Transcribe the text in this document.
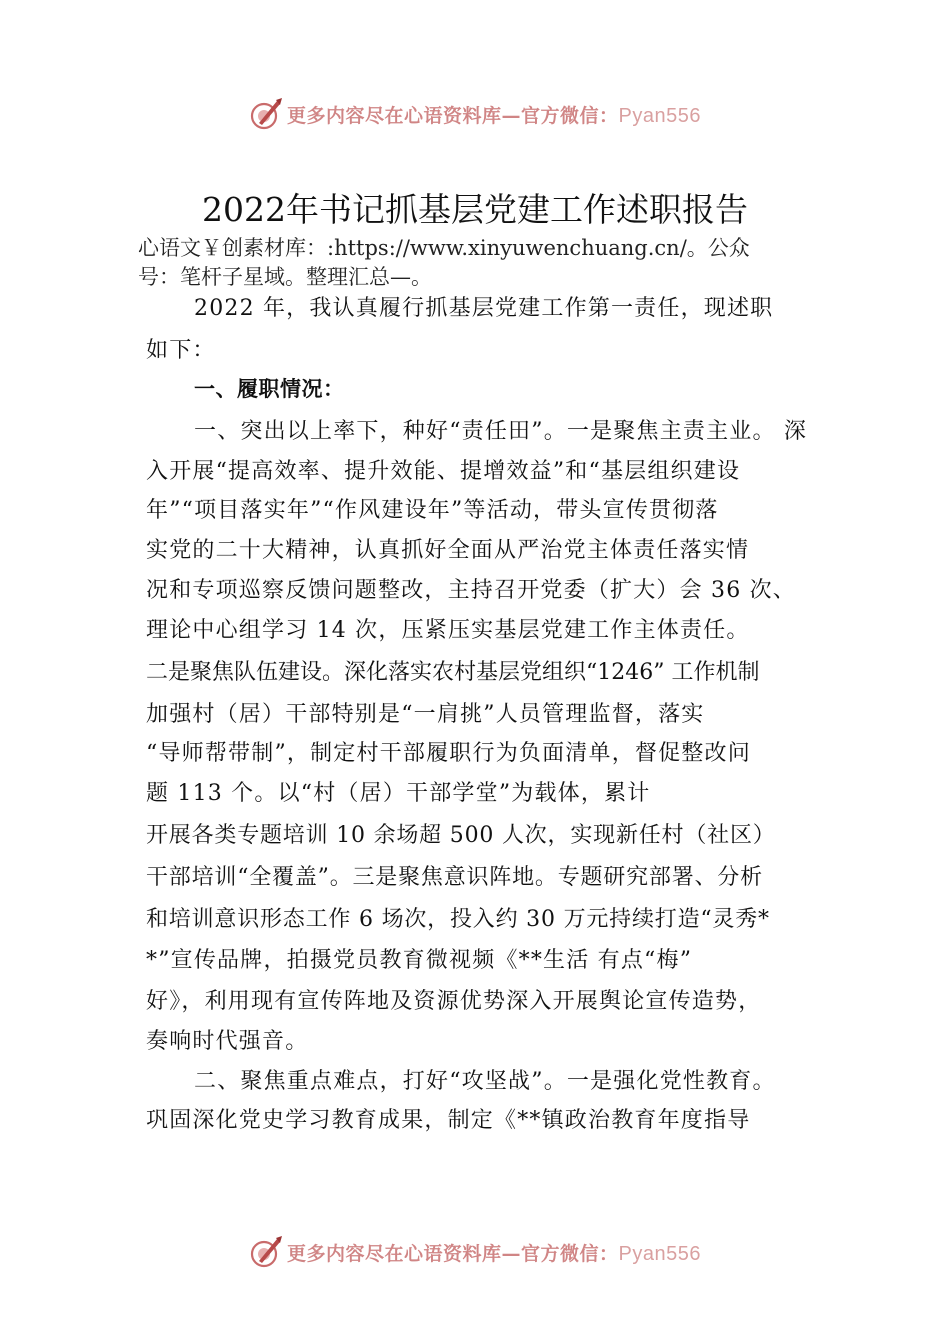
更多内容尽在心语资料库—官方微信：Pyan556
2022年书记抓基层党建工作述职报告
心语文￥创素材库：:https://www.xinyuwenchuang.cn/。公众
号：笔杆子星域。整理汇总—。
2022 年，我认真履行抓基层党建工作第一责任，现述职
如下：
一、履职情况：
一、突出以上率下，种好“责任田”。一是聚焦主责主业。 深
入开展“提高效率、提升效能、提增效益”和“基层组织建设
年”“项目落实年”“作风建设年”等活动，带头宣传贯彻落
实党的二十大精神，认真抓好全面从严治党主体责任落实情
况和专项巡察反馈问题整改，主持召开党委（扩大）会 36 次、
理论中心组学习 14 次，压紧压实基层党建工作主体责任。
二是聚焦队伍建设。深化落实农村基层党组织“1246” 工作机制
加强村（居）干部特别是“一肩挑”人员管理监督，落实
“导师帮带制”，制定村干部履职行为负面清单，督促整改问
题 113 个。以“村（居）干部学堂”为载体，累计
开展各类专题培训 10 余场超 500 人次，实现新任村（社区）
干部培训“全覆盖”。三是聚焦意识阵地。专题研究部署、分析
和培训意识形态工作 6 场次，投入约 30 万元持续打造“灵秀*
*”宣传品牌，拍摄党员教育微视频《**生活 有点“梅”
好》，利用现有宣传阵地及资源优势深入开展舆论宣传造势，
奏响时代强音。
二、聚焦重点难点，打好“攻坚战”。一是强化党性教育。
巩固深化党史学习教育成果，制定《**镇政治教育年度指导
更多内容尽在心语资料库—官方微信：Pyan556
